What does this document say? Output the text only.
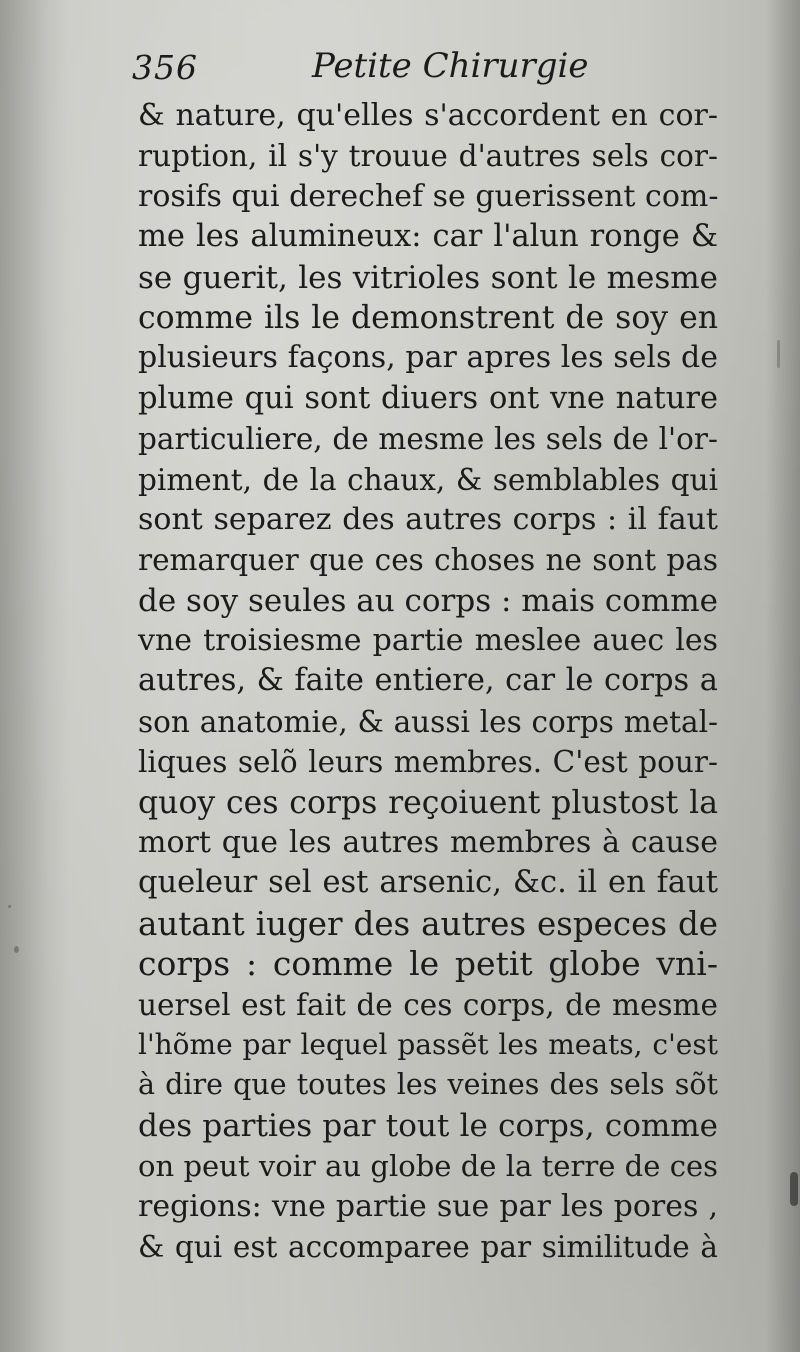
356	Petite Chirurgie
& nature, qu'elles s'accordent en cor-
ruption, il s'y trouue d'autres sels cor-
rosifs qui derechef se guerissent com-
me les alumineux: car l'alun ronge &
se guerit, les vitrioles sont le mesme
comme ils le demonstrent de soy en
plusieurs façons, par apres les sels de
plume qui sont diuers ont vne nature
particuliere, de mesme les sels de l'or-
piment, de la chaux, & semblables qui
sont separez des autres corps : il faut
remarquer que ces choses ne sont pas
de soy seules au corps : mais comme
vne troisiesme partie meslee auec les
autres, & faite entiere, car le corps a
son anatomie, & aussi les corps metal-
liques selõ leurs membres. C'est pour-
quoy ces corps reçoiuent plustost la
mort que les autres membres à cause
queleur sel est arsenic, &c. il en faut
autant iuger des autres especes de
corps : comme le petit globe vni-
uersel est fait de ces corps, de mesme
l'hõme par lequel passẽt les meats, c'est
à dire que toutes les veines des sels sõt
des parties par tout le corps, comme
on peut voir au globe de la terre de ces
regions: vne partie sue par les pores ,
& qui est accomparee par similitude à
